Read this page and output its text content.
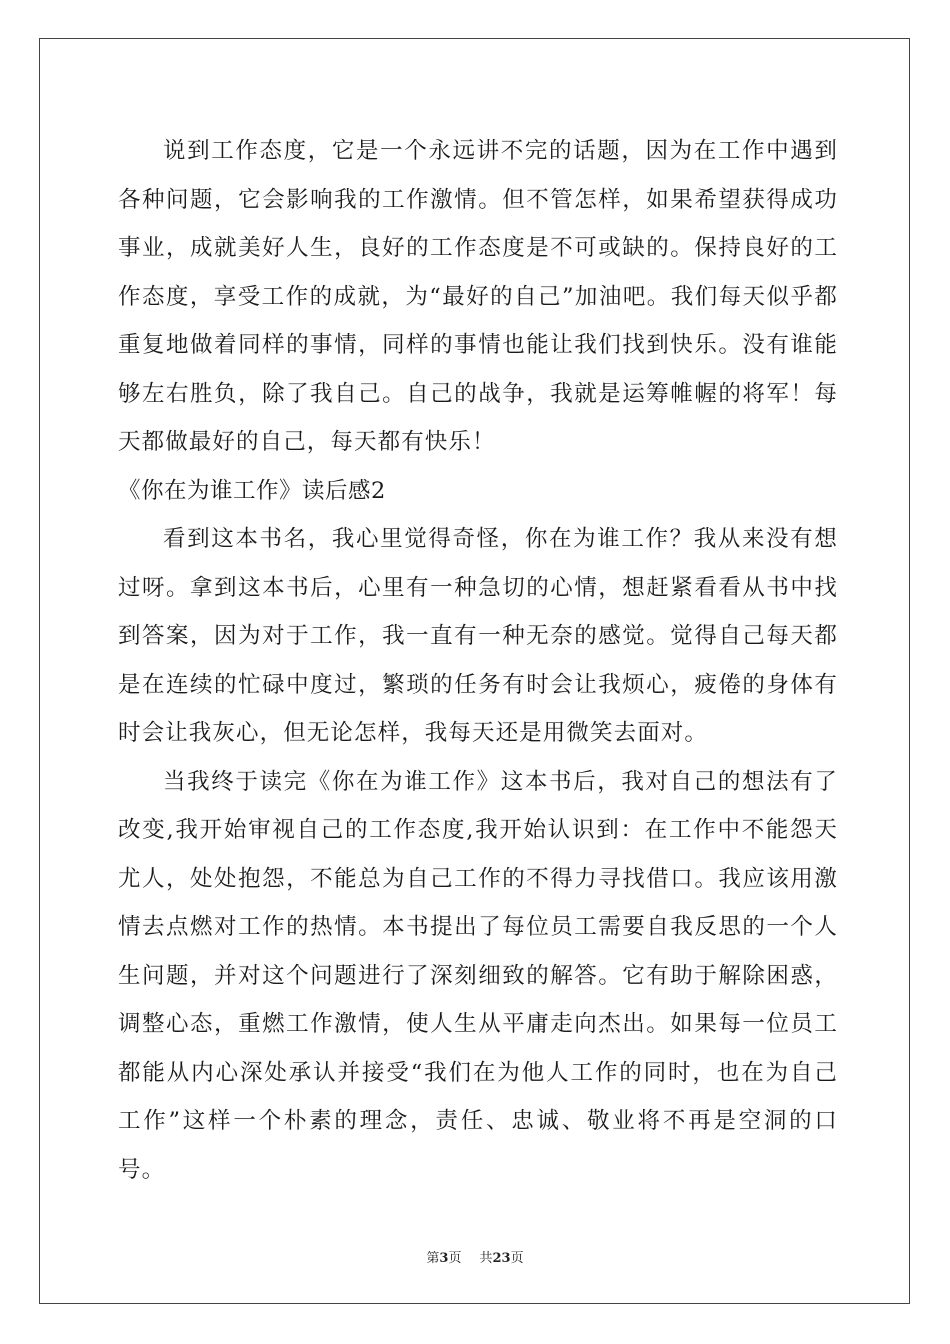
说到工作态度，它是一个永远讲不完的话题，因为在工作中遇到各种问题，它会影响我的工作激情。但不管怎样，如果希望获得成功事业，成就美好人生，良好的工作态度是不可或缺的。保持良好的工作态度，享受工作的成就，为“最好的自己”加油吧。我们每天似乎都重复地做着同样的事情，同样的事情也能让我们找到快乐。没有谁能够左右胜负，除了我自己。自己的战争，我就是运筹帷幄的将军！每天都做最好的自己，每天都有快乐！

《你在为谁工作》读后感2

看到这本书名，我心里觉得奇怪，你在为谁工作？我从来没有想过呀。拿到这本书后，心里有一种急切的心情，想赶紧看看从书中找到答案，因为对于工作，我一直有一种无奈的感觉。觉得自己每天都是在连续的忙碌中度过，繁琐的任务有时会让我烦心，疲倦的身体有时会让我灰心，但无论怎样，我每天还是用微笑去面对。

当我终于读完《你在为谁工作》这本书后，我对自己的想法有了改变,我开始审视自己的工作态度,我开始认识到：在工作中不能怨天尤人，处处抱怨，不能总为自己工作的不得力寻找借口。我应该用激情去点燃对工作的热情。本书提出了每位员工需要自我反思的一个人生问题，并对这个问题进行了深刻细致的解答。它有助于解除困惑，调整心态，重燃工作激情，使人生从平庸走向杰出。如果每一位员工都能从内心深处承认并接受“我们在为他人工作的同时，也在为自己工作”这样一个朴素的理念，责任、忠诚、敬业将不再是空洞的口号。

第3页 共23页
